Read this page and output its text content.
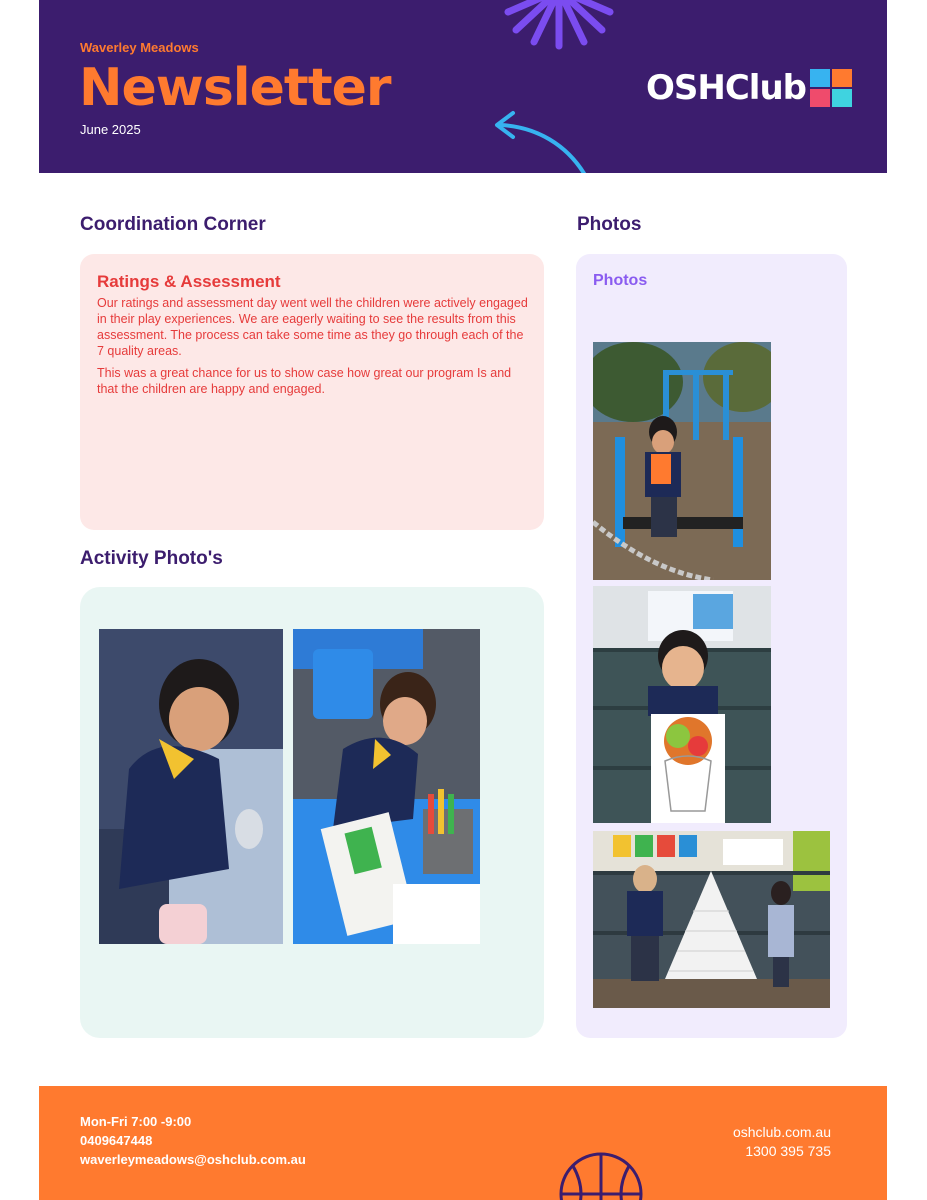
Waverley Meadows
Newsletter
June 2025
OSHClub
Coordination Corner
Ratings & Assessment

Our ratings and assessment day went well the children were actively engaged in their play experiences. We are eagerly waiting to see the results from this assessment. The process can take some time as they go through each of the 7 quality areas.

This was a great chance for us to show case how great our program Is and that the children are happy and engaged.

Activity Photo's
Photos
Photos
Mon-Fri 7:00 -9:00
0409647448
waverleymeadows@oshclub.com.au
oshclub.com.au
1300 395 735
